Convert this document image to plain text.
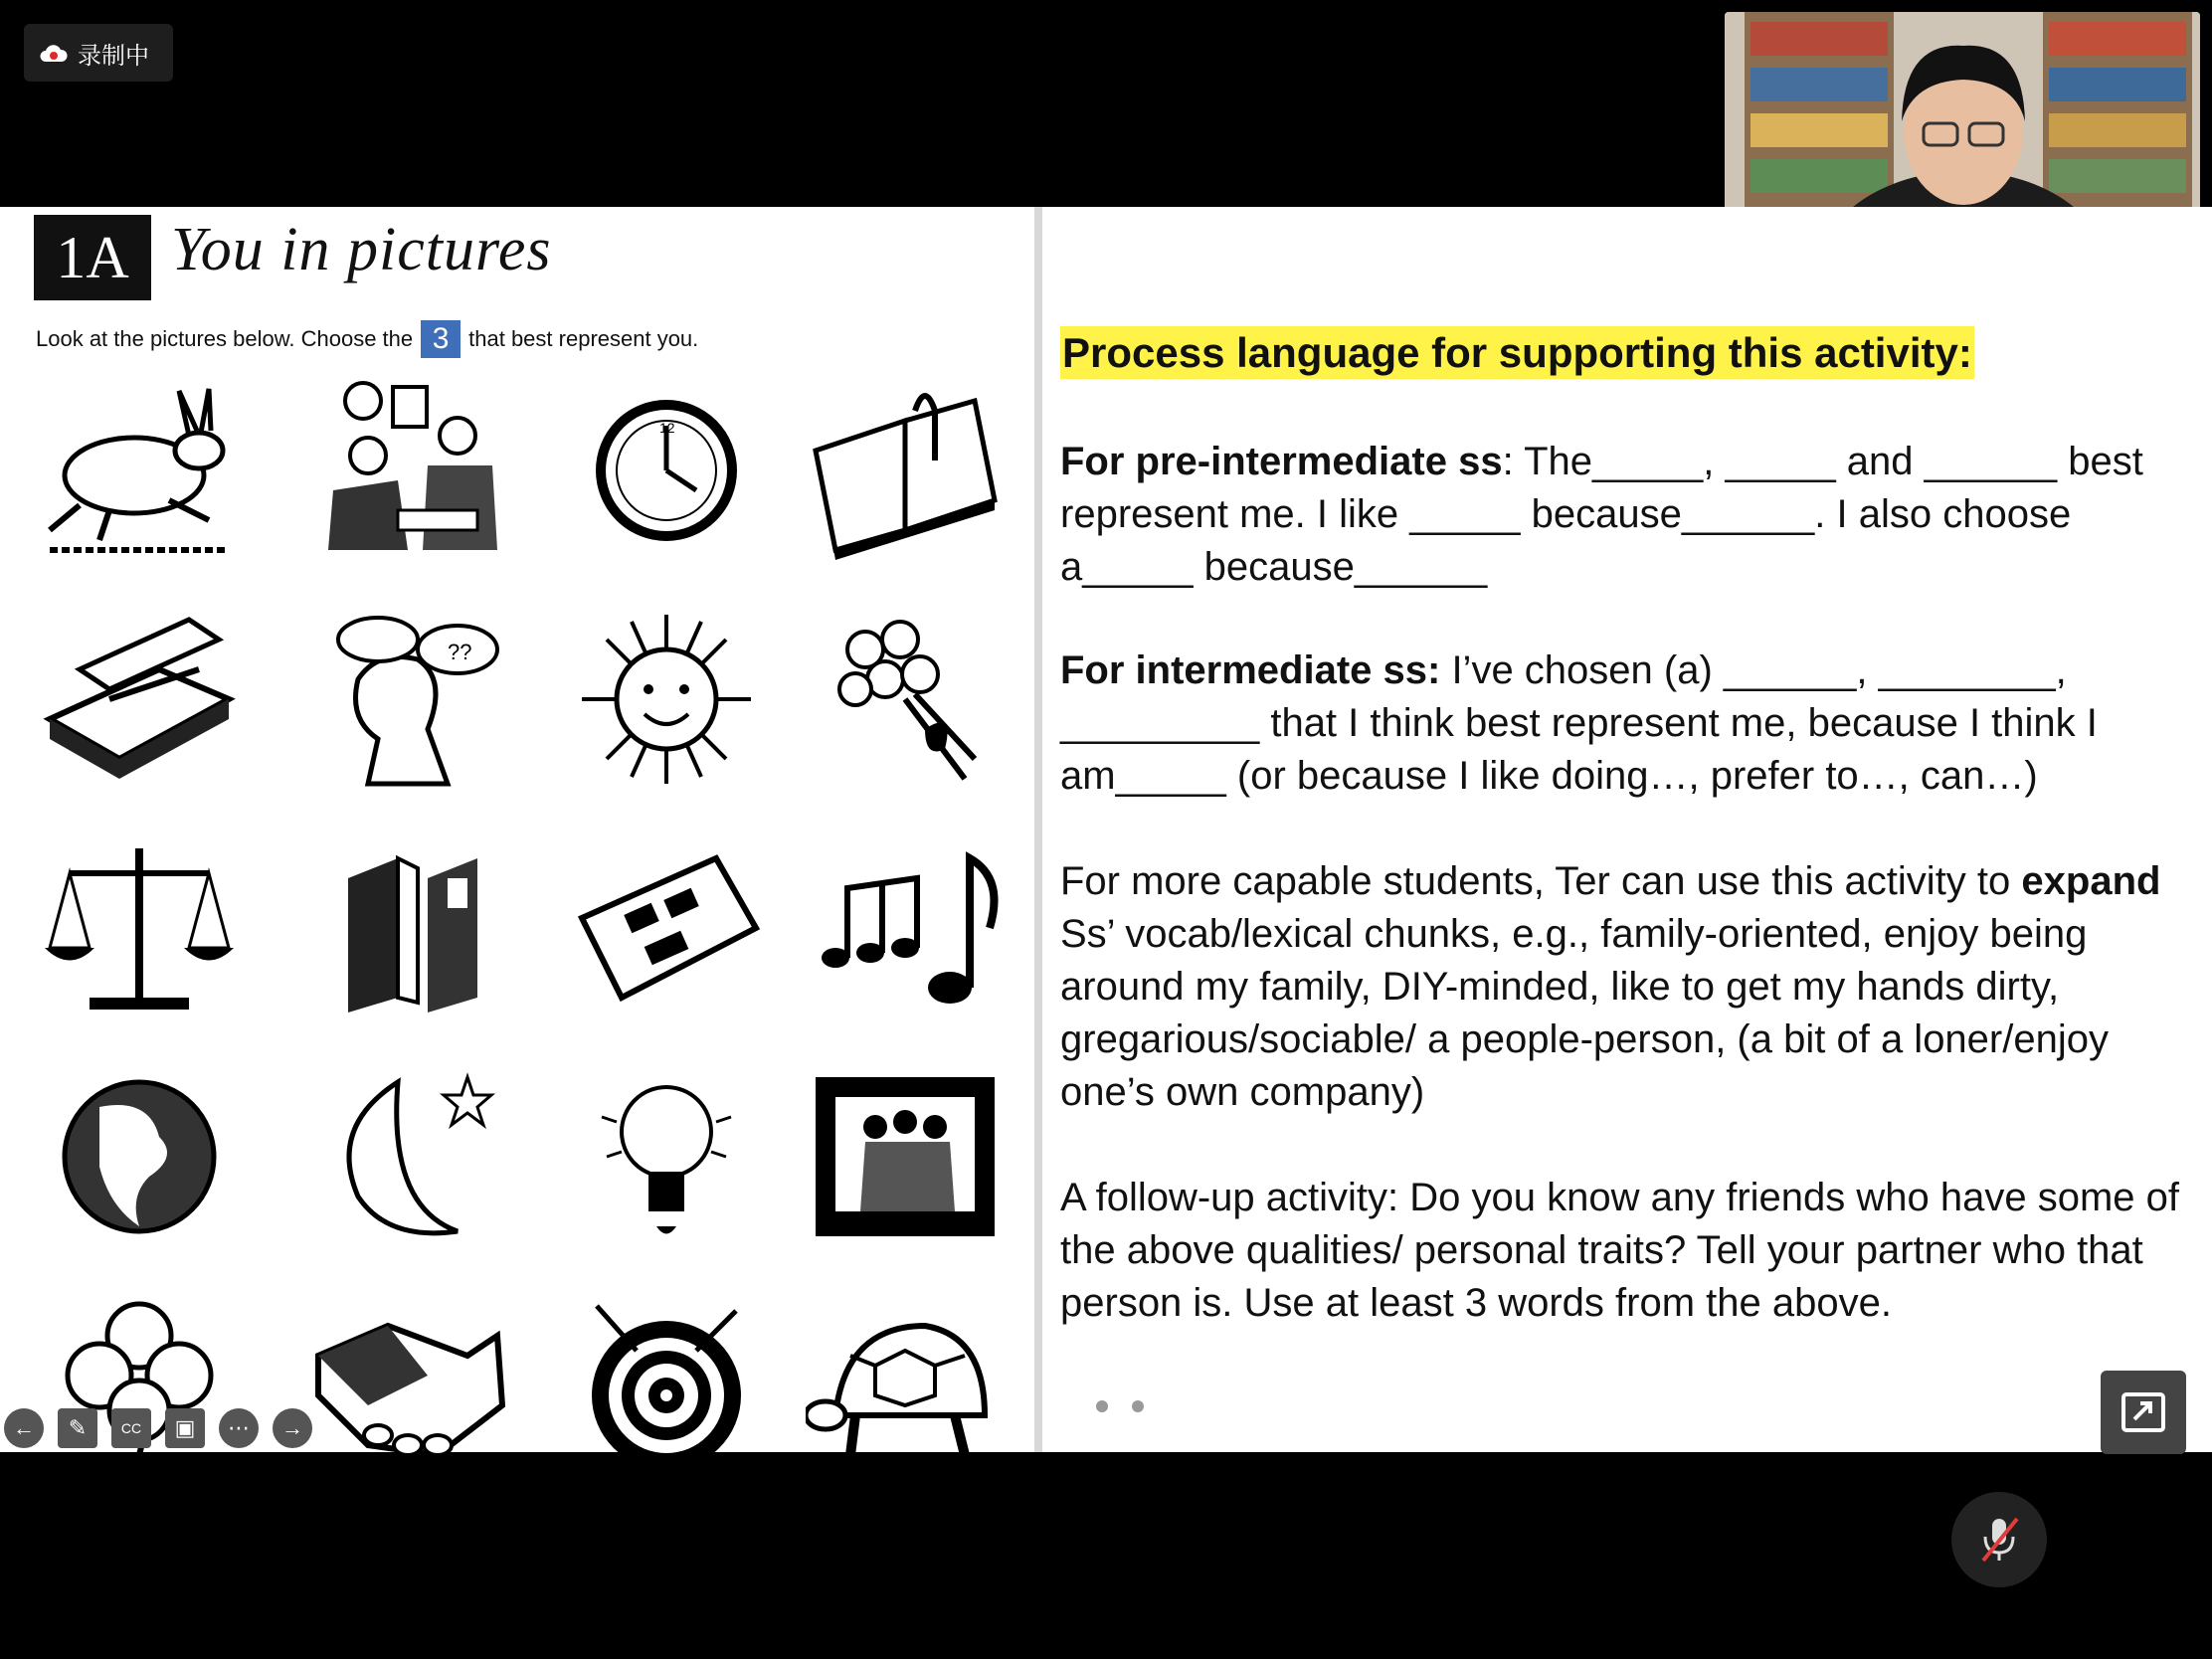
录制中
1A You in pictures
Look at the pictures below. Choose the 3 that best represent you.
12
??
←	✎	CC	▣	⋯	→
Process language for supporting this activity:

For pre-intermediate ss: The_____, _____ and ______ best represent me. I like _____ because______. I also choose a_____ because______

For intermediate ss: I’ve chosen (a) ______, ________, _________ that I think best represent me, because I think I am_____ (or because I like doing…, prefer to…, can…)

For more capable students, Ter can use this activity to expand Ss’ vocab/lexical chunks, e.g., family-oriented, enjoy being around my family, DIY-minded, like to get my hands dirty, gregarious/sociable/ a people-person, (a bit of a loner/enjoy one’s own company)

A follow-up activity: Do you know any friends who have some of the above qualities/ personal traits? Tell your partner who that person is. Use at least 3 words from the above.
